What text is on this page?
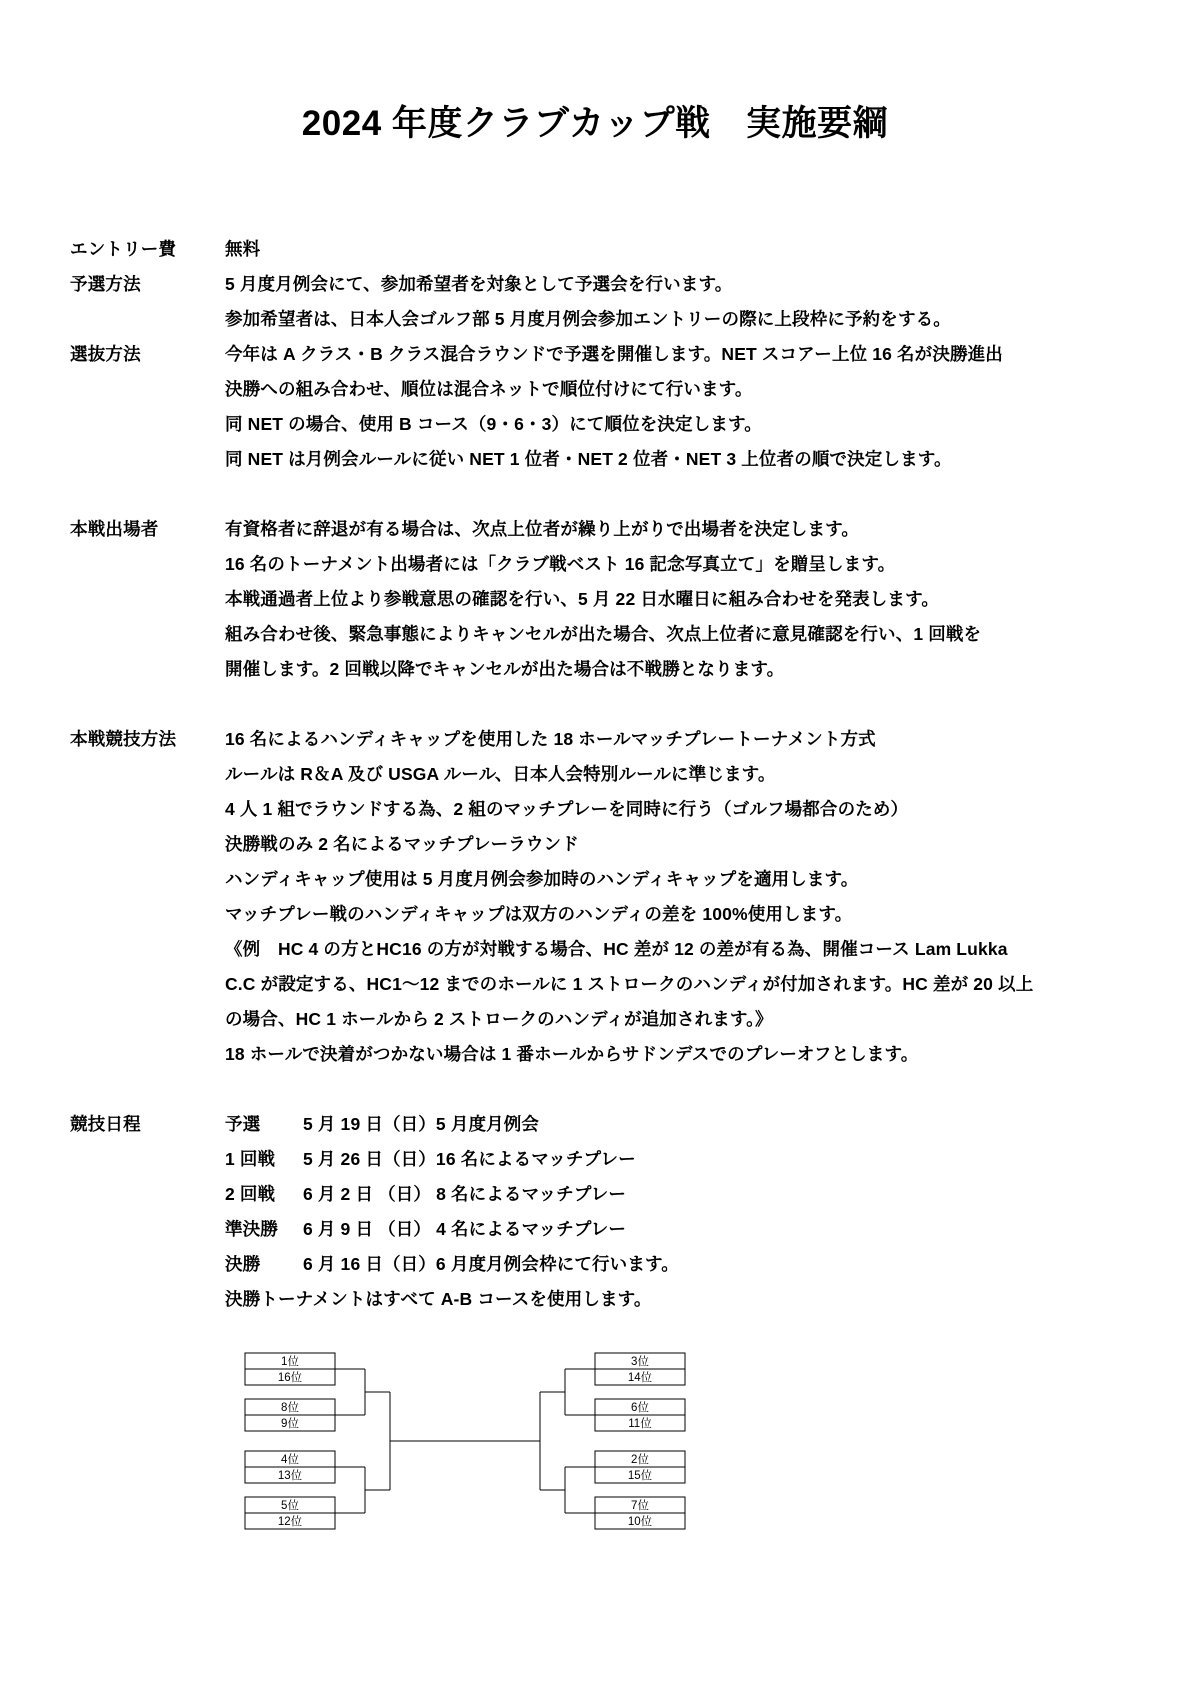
2024 年度クラブカップ戦　実施要綱
エントリー費	無料
予選方法	5 月度月例会にて、参加希望者を対象として予選会を行います。
参加希望者は、日本人会ゴルフ部 5 月度月例会参加エントリーの際に上段枠に予約をする。
選抜方法	今年は A クラス・B クラス混合ラウンドで予選を開催します。NET スコアー上位 16 名が決勝進出
決勝への組み合わせ、順位は混合ネットで順位付けにて行います。
同 NET の場合、使用 B コース（9・6・3）にて順位を決定します。
同 NET は月例会ルールに従い NET 1 位者・NET 2 位者・NET 3 上位者の順で決定します。
本戦出場者	有資格者に辞退が有る場合は、次点上位者が繰り上がりで出場者を決定します。
16 名のトーナメント出場者には「クラブ戦ベスト 16 記念写真立て」を贈呈します。
本戦通過者上位より参戦意思の確認を行い、5 月 22 日水曜日に組み合わせを発表します。
組み合わせ後、緊急事態によりキャンセルが出た場合、次点上位者に意見確認を行い、1 回戦を
開催します。2 回戦以降でキャンセルが出た場合は不戦勝となります。
本戦競技方法	16 名によるハンディキャップを使用した 18 ホールマッチプレートーナメント方式
ルールは R＆A 及び USGA ルール、日本人会特別ルールに準じます。
4 人 1 組でラウンドする為、2 組のマッチプレーを同時に行う（ゴルフ場都合のため）
決勝戦のみ 2 名によるマッチプレーラウンド
ハンディキャップ使用は 5 月度月例会参加時のハンディキャップを適用します。
マッチプレー戦のハンディキャップは双方のハンディの差を 100%使用します。
《例　HC 4 の方とHC16 の方が対戦する場合、HC 差が 12 の差が有る為、開催コース Lam Lukka
C.C が設定する、HC1～12 までのホールに 1 ストロークのハンディが付加されます。HC 差が 20 以上
の場合、HC 1 ホールから 2 ストロークのハンディが追加されます。》
18 ホールで決着がつかない場合は 1 番ホールからサドンデスでのプレーオフとします。
競技日程	予選	5 月 19 日（日）5 月度月例会
1 回戦	5 月 26 日（日）16 名によるマッチプレー
2 回戦	6 月 2 日 （日） 8 名によるマッチプレー
準決勝	6 月 9 日 （日） 4 名によるマッチプレー
決勝	6 月 16 日（日）6 月度月例会枠にて行います。
決勝トーナメントはすべて A-B コースを使用します。
1位
16位
8位
9位
4位
13位
5位
12位
3位
14位
6位
11位
2位
15位
7位
10位
